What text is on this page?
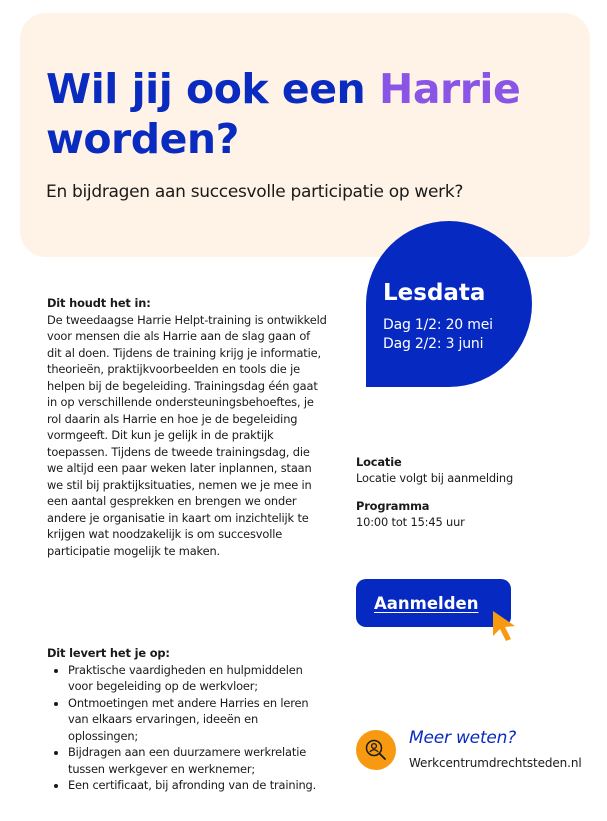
Wil jij ook een Harrie
worden?

En bijdragen aan succesvolle participatie op werk?

Lesdata
Dag 1/2: 20 mei
Dag 2/2: 3 juni
Dit houdt het in:

De tweedaagse Harrie Helpt-training is ontwikkeld voor mensen die als Harrie aan de slag gaan of dit al doen. Tijdens de training krijg je informatie, theorieën, praktijkvoorbeelden en tools die je helpen bij de begeleiding. Trainingsdag één gaat in op verschillende ondersteuningsbehoeftes, je rol daarin als Harrie en hoe je de begeleiding vormgeeft. Dit kun je gelijk in de praktijk toepassen. Tijdens de tweede trainingsdag, die we altijd een paar weken later inplannen, staan we stil bij praktijksituaties, nemen we je mee in een aantal gesprekken en brengen we onder andere je organisatie in kaart om inzichtelijk te krijgen wat noodzakelijk is om succesvolle participatie mogelijk te maken.

Dit levert het je op:
• Praktische vaardigheden en hulpmiddelen voor begeleiding op de werkvloer;
• Ontmoetingen met andere Harries en leren van elkaars ervaringen, ideeën en oplossingen;
• Bijdragen aan een duurzamere werkrelatie tussen werkgever en werknemer;
• Een certificaat, bij afronding van de training.
Locatie
Locatie volgt bij aanmelding
Programma
10:00 tot 15:45 uur
Aanmelden
Meer weten?
Werkcentrumdrechtsteden.nl
